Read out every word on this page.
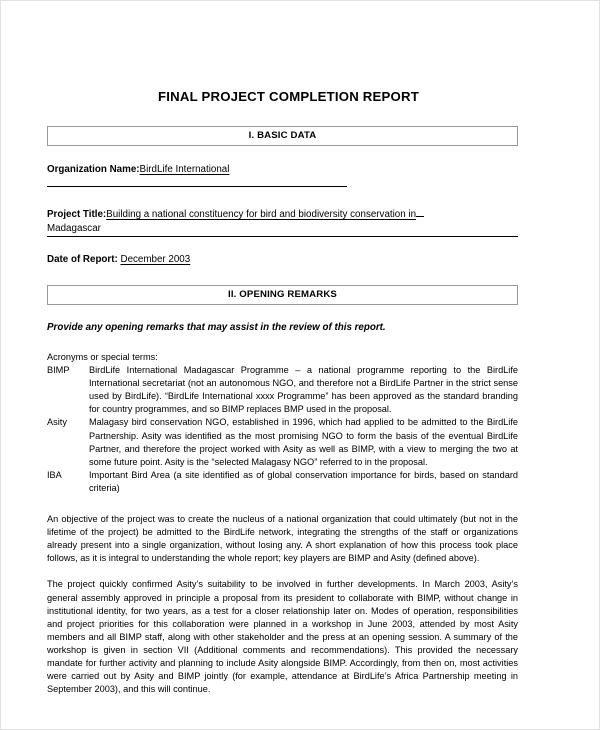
FINAL PROJECT COMPLETION REPORT
I. BASIC DATA
Organization Name:BirdLife International
Project Title:Building a national constituency for bird and biodiversity conservation in
Madagascar
Date of Report: December 2003
II. OPENING REMARKS
Provide any opening remarks that may assist in the review of this report.
Acronyms or special terms:
BIMP	BirdLife International Madagascar Programme – a national programme reporting to the BirdLife International secretariat (not an autonomous NGO, and therefore not a BirdLife Partner in the strict sense used by BirdLife). “BirdLife International xxxx Programme” has been approved as the standard branding for country programmes, and so BIMP replaces BMP used in the proposal.
Asity	Malagasy bird conservation NGO, established in 1996, which had applied to be admitted to the BirdLife Partnership. Asity was identified as the most promising NGO to form the basis of the eventual BirdLife Partner, and therefore the project worked with Asity as well as BIMP, with a view to merging the two at some future point. Asity is the “selected Malagasy NGO” referred to in the proposal.
IBA	Important Bird Area (a site identified as of global conservation importance for birds, based on standard criteria)
An objective of the project was to create the nucleus of a national organization that could ultimately (but not in the lifetime of the project) be admitted to the BirdLife network, integrating the strengths of the staff or organizations already present into a single organization, without losing any. A short explanation of how this process took place follows, as it is integral to understanding the whole report; key players are BIMP and Asity (defined above).
The project quickly confirmed Asity’s suitability to be involved in further developments. In March 2003, Asity’s general assembly approved in principle a proposal from its president to collaborate with BIMP, without change in institutional identity, for two years, as a test for a closer relationship later on. Modes of operation, responsibilities and project priorities for this collaboration were planned in a workshop in June 2003, attended by most Asity members and all BIMP staff, along with other stakeholder and the press at an opening session. A summary of the workshop is given in section VII (Additional comments and recommendations). This provided the necessary mandate for further activity and planning to include Asity alongside BIMP. Accordingly, from then on, most activities were carried out by Asity and BIMP jointly (for example, attendance at BirdLife’s Africa Partnership meeting in September 2003), and this will continue.
